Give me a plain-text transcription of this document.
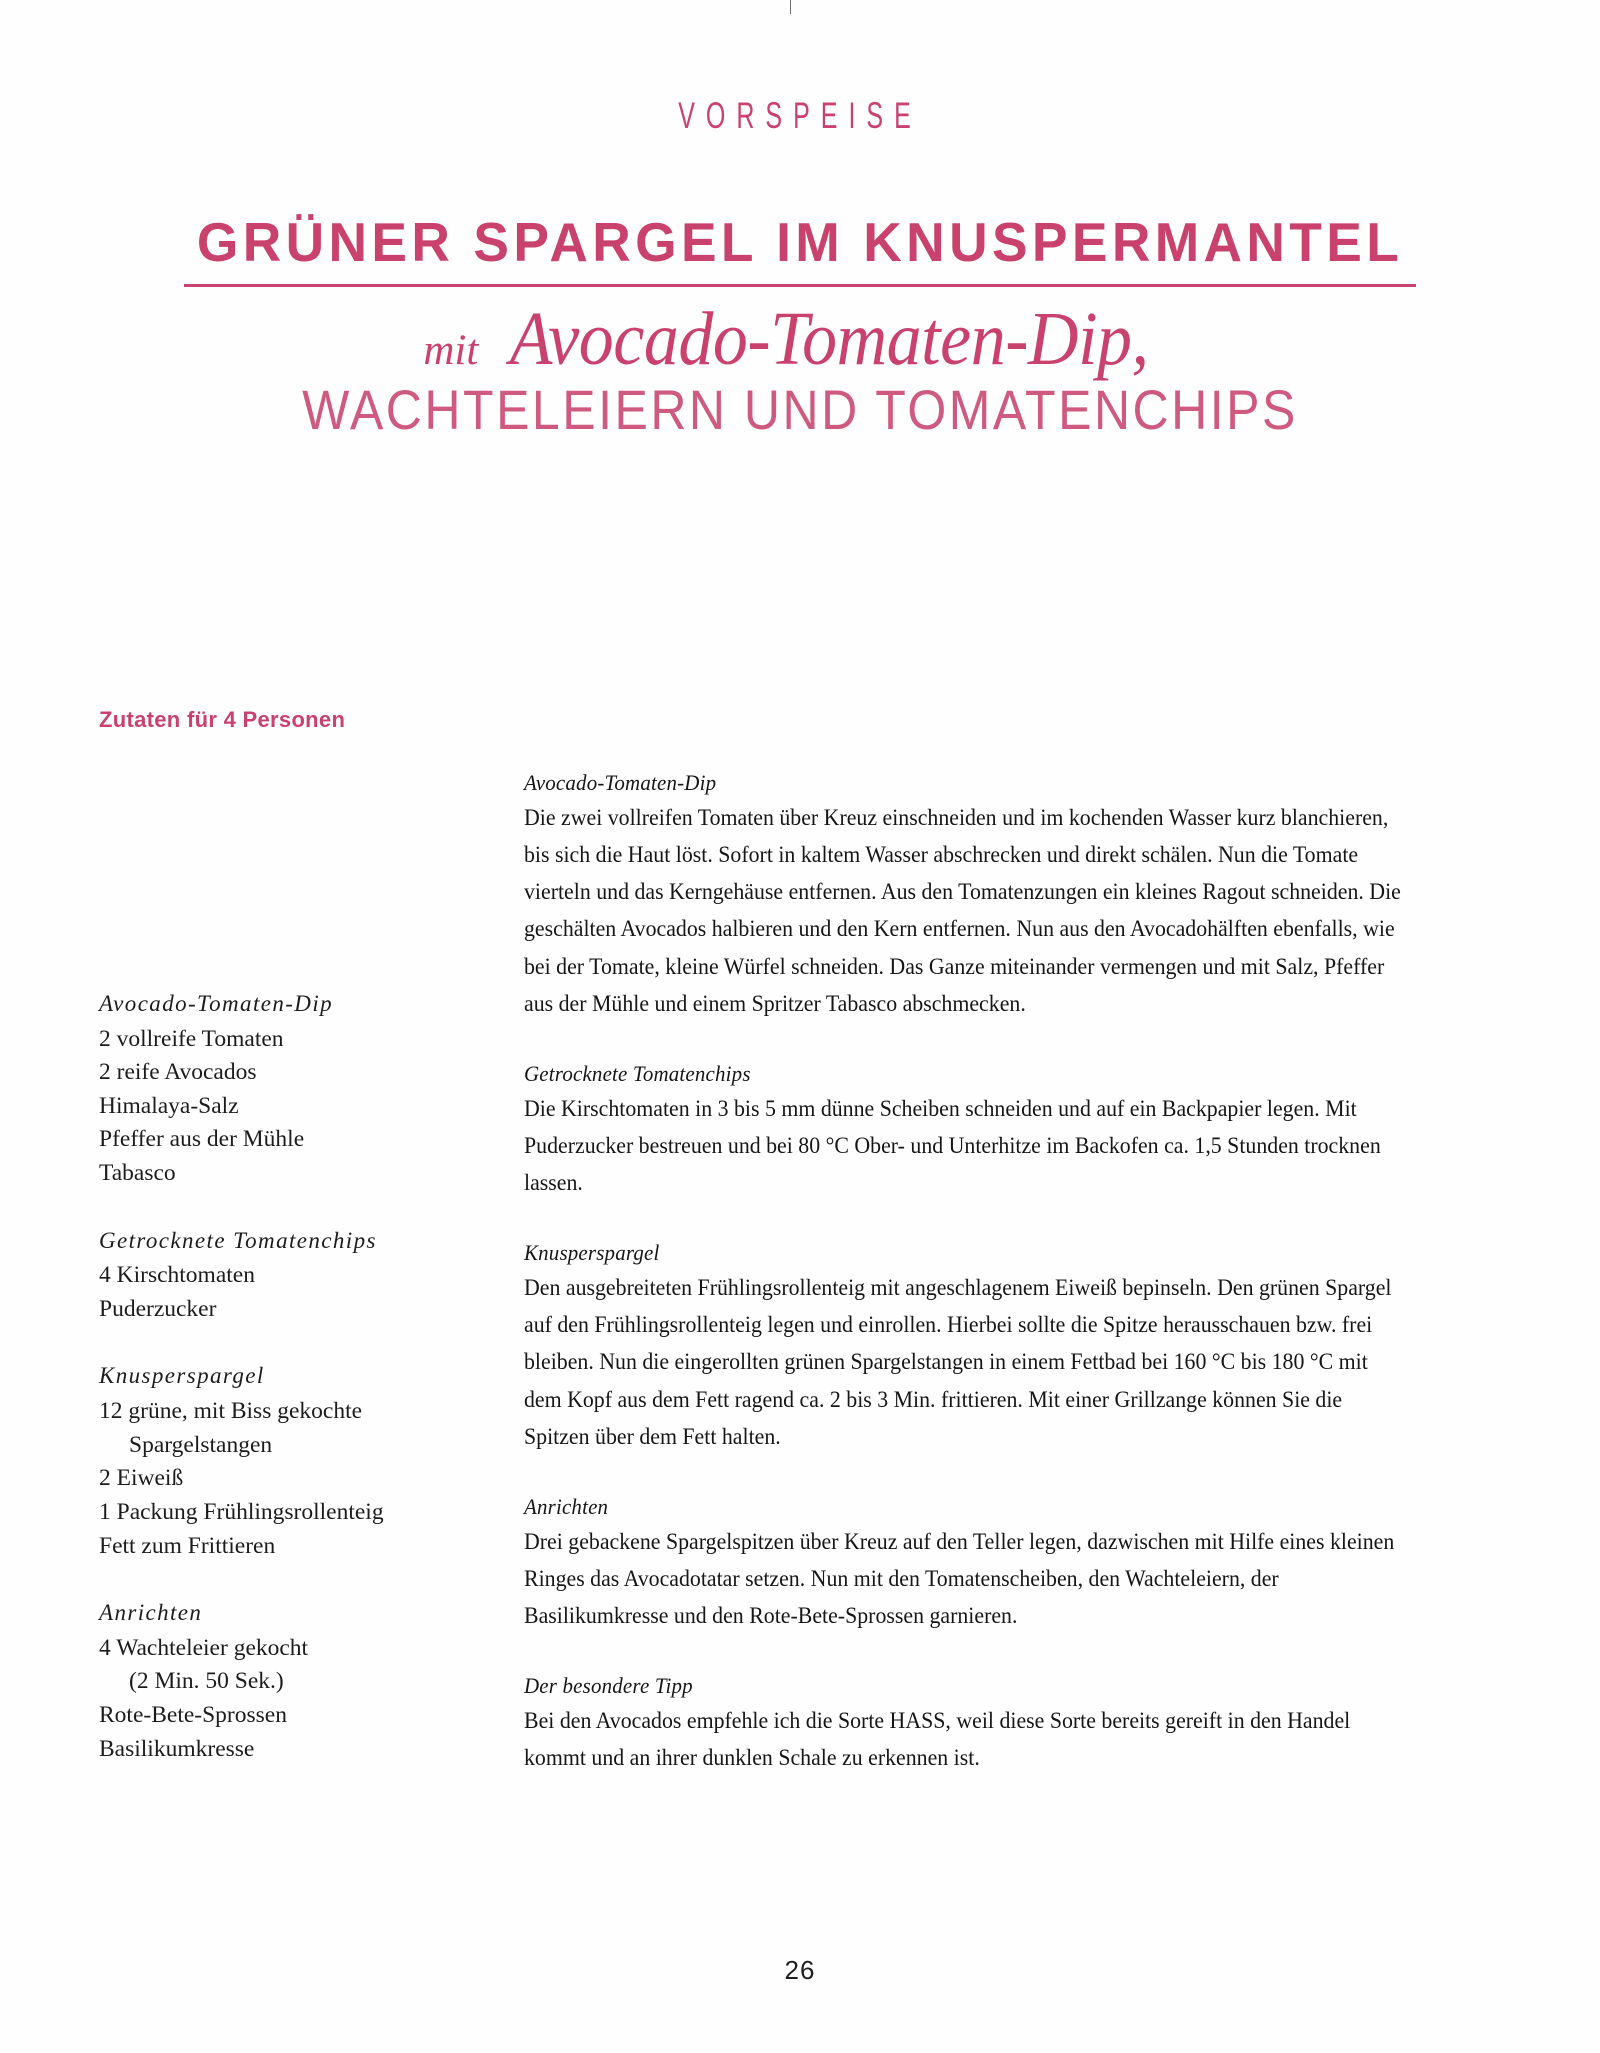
VORSPEISE
GRÜNER SPARGEL IM KNUSPERMANTEL
mit Avocado-Tomaten-Dip,
WACHTELEIERN UND TOMATENCHIPS
Zutaten für 4 Personen
Avocado-Tomaten-Dip
2 vollreife Tomaten
2 reife Avocados
Himalaya-Salz
Pfeffer aus der Mühle
Tabasco
Getrocknete Tomatenchips
4 Kirschtomaten
Puderzucker
Knusperspargel
12 grüne, mit Biss gekochte
Spargelstangen
2 Eiweiß
1 Packung Frühlingsrollenteig
Fett zum Frittieren
Anrichten
4 Wachteleier gekocht
(2 Min. 50 Sek.)
Rote-Bete-Sprossen
Basilikumkresse
Avocado-Tomaten-Dip
Die zwei vollreifen Tomaten über Kreuz einschneiden und im kochenden Wasser kurz blanchieren, bis sich die Haut löst. Sofort in kaltem Wasser abschrecken und direkt schälen. Nun die Tomate vierteln und das Kerngehäuse entfernen. Aus den Tomatenzungen ein kleines Ragout schneiden. Die geschälten Avocados halbieren und den Kern entfernen. Nun aus den Avocadohälften ebenfalls, wie bei der Tomate, kleine Würfel schneiden. Das Ganze miteinander vermengen und mit Salz, Pfeffer aus der Mühle und einem Spritzer Tabasco abschmecken.
Getrocknete Tomatenchips
Die Kirschtomaten in 3 bis 5 mm dünne Scheiben schneiden und auf ein Backpapier legen. Mit Puderzucker bestreuen und bei 80 °C Ober- und Unterhitze im Backofen ca. 1,5 Stunden trocknen lassen.
Knusperspargel
Den ausgebreiteten Frühlingsrollenteig mit angeschlagenem Eiweiß bepinseln. Den grünen Spargel auf den Frühlingsrollenteig legen und einrollen. Hierbei sollte die Spitze herausschauen bzw. frei bleiben. Nun die eingerollten grünen Spargelstangen in einem Fettbad bei 160 °C bis 180 °C mit dem Kopf aus dem Fett ragend ca. 2 bis 3 Min. frittieren. Mit einer Grillzange können Sie die Spitzen über dem Fett halten.
Anrichten
Drei gebackene Spargelspitzen über Kreuz auf den Teller legen, dazwischen mit Hilfe eines kleinen Ringes das Avocadotatar setzen. Nun mit den Tomatenscheiben, den Wachteleiern, der Basilikumkresse und den Rote-Bete-Sprossen garnieren.
Der besondere Tipp
Bei den Avocados empfehle ich die Sorte HASS, weil diese Sorte bereits gereift in den Handel kommt und an ihrer dunklen Schale zu erkennen ist.
26
